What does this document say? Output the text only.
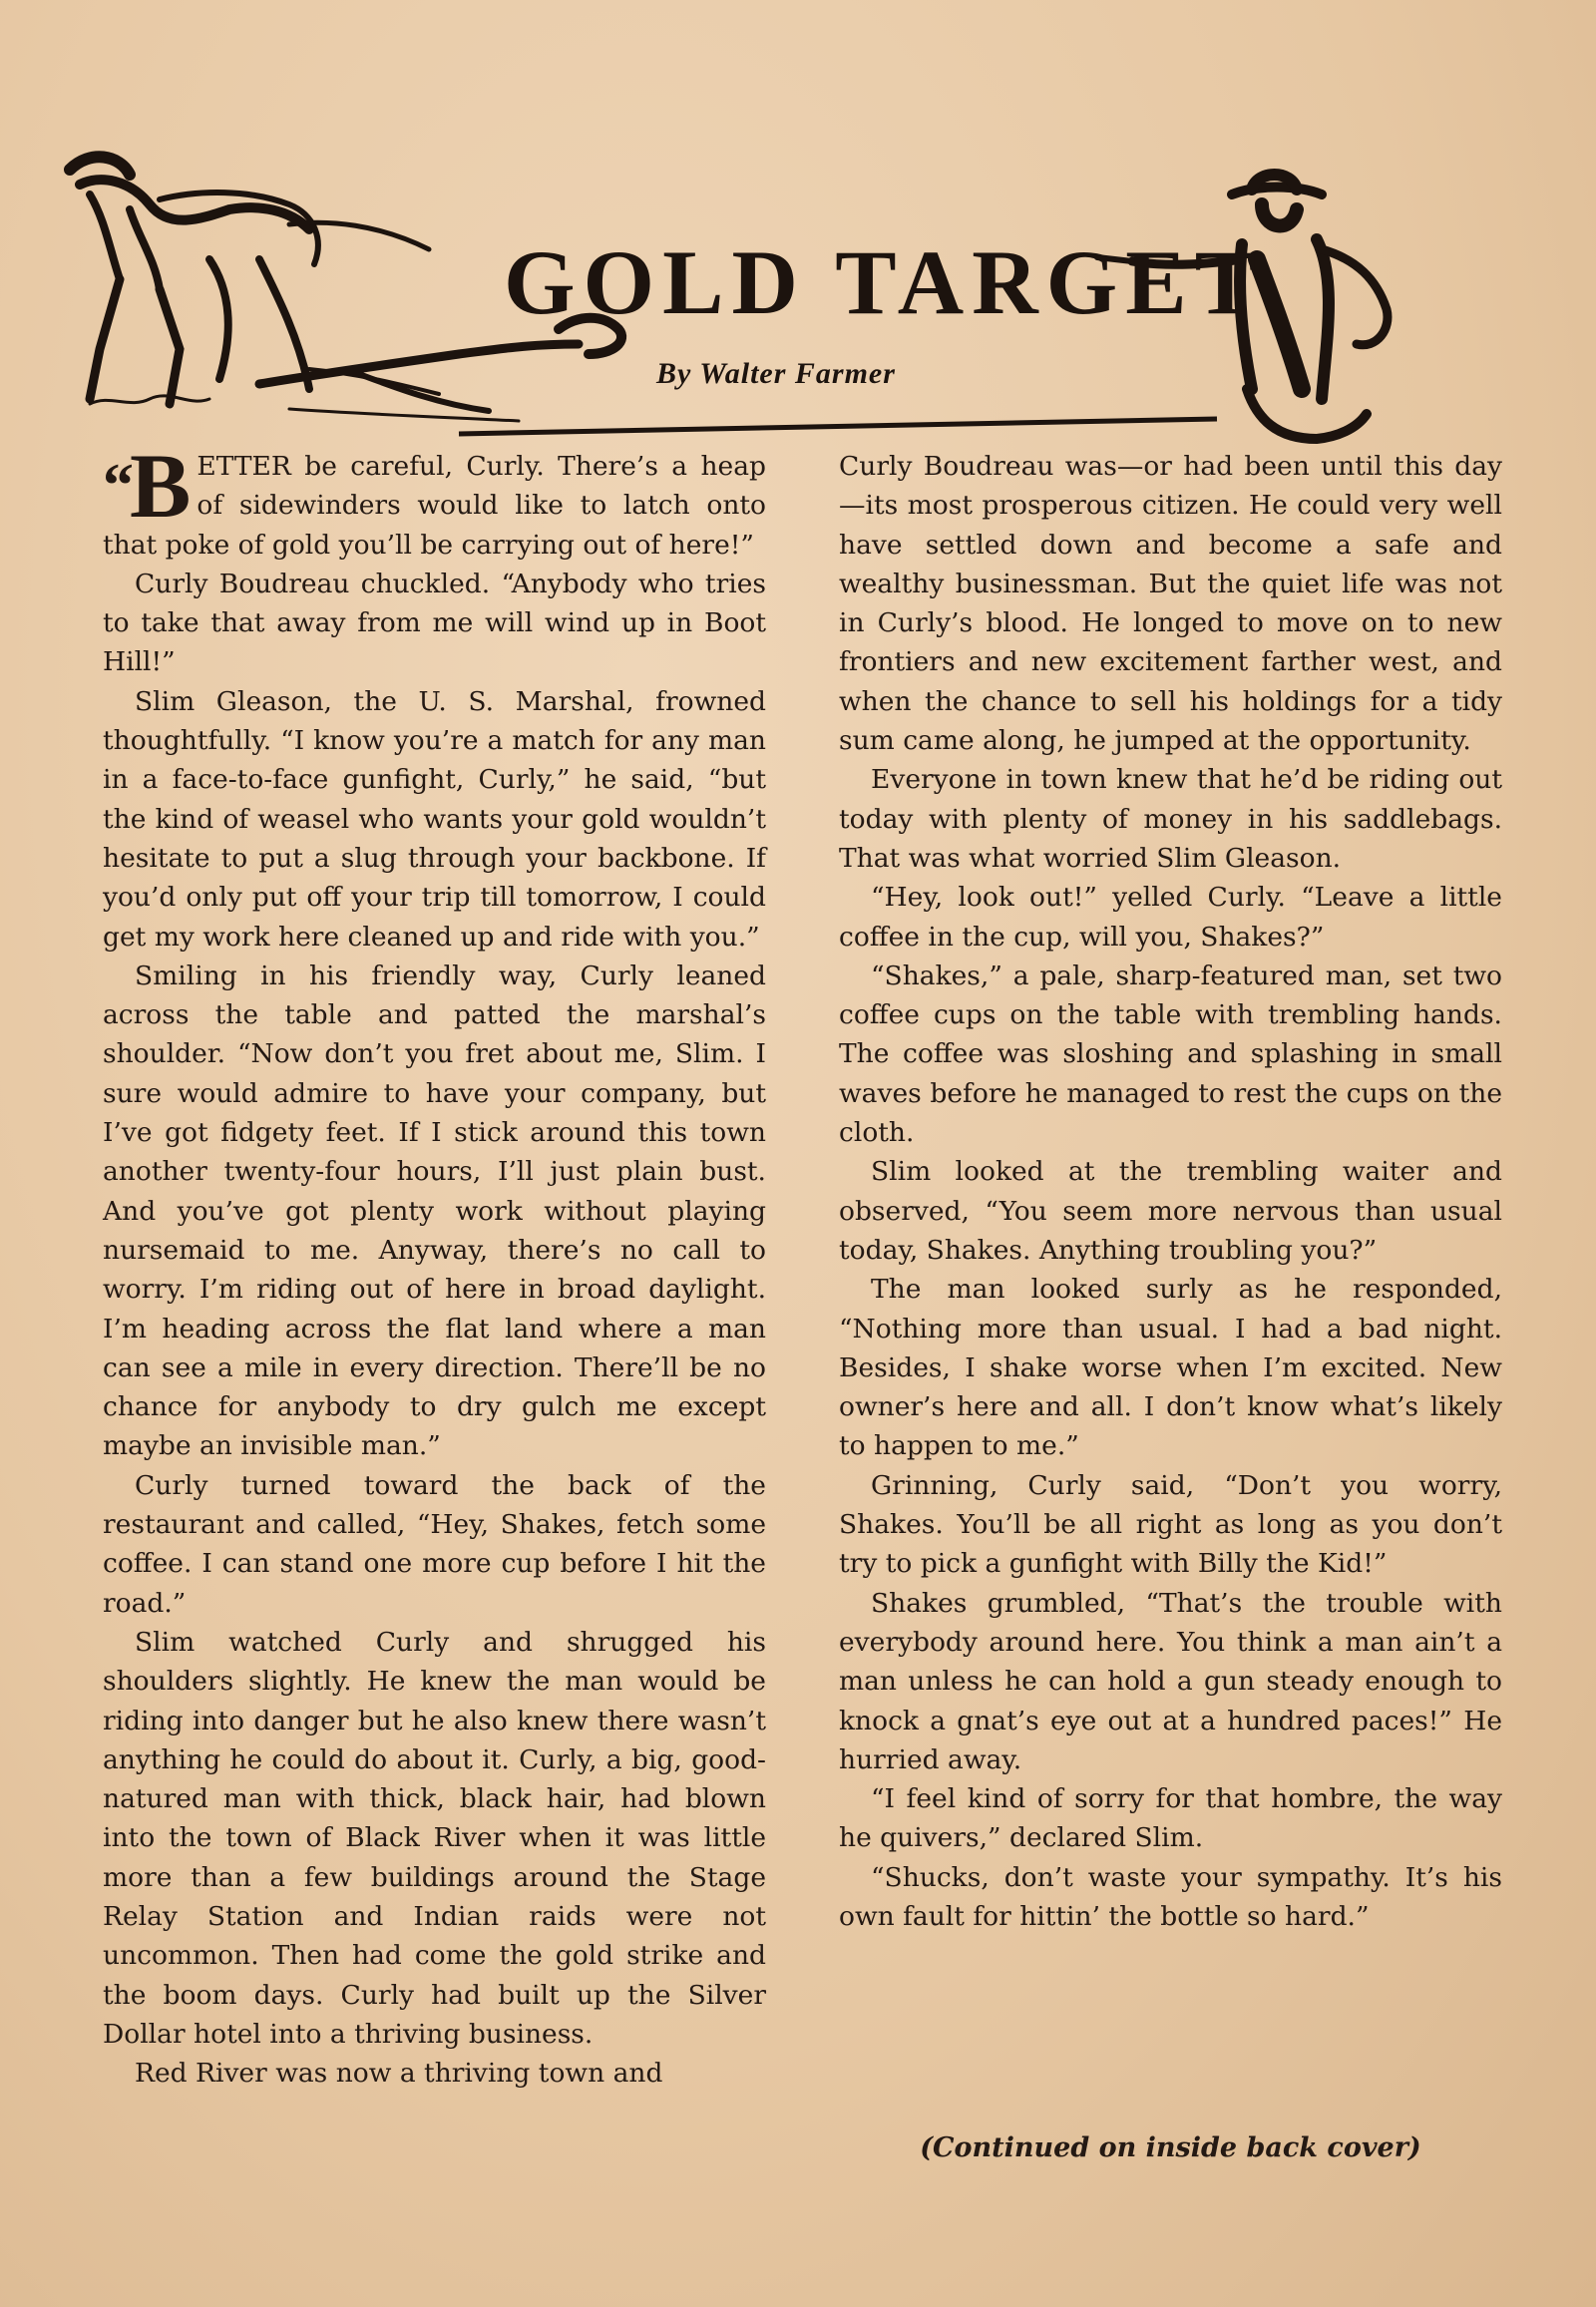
GOLD TARGET
By Walter Farmer

“B ETTER be careful, Curly. There’s a heap of sidewinders would like to latch onto that poke of gold you’ll be carrying out of here!”

Curly Boudreau chuckled. “Anybody who tries to take that away from me will wind up in Boot Hill!”

Slim Gleason, the U. S. Marshal, frowned thoughtfully. “I know you’re a match for any man in a face-to-face gunfight, Curly,” he said, “but the kind of weasel who wants your gold wouldn’t hesitate to put a slug through your backbone. If you’d only put off your trip till tomorrow, I could get my work here cleaned up and ride with you.”

Smiling in his friendly way, Curly leaned across the table and patted the marshal’s shoulder. “Now don’t you fret about me, Slim. I sure would admire to have your company, but I’ve got fidgety feet. If I stick around this town another twenty-four hours, I’ll just plain bust. And you’ve got plenty work without playing nursemaid to me. Anyway, there’s no call to worry. I’m riding out of here in broad daylight. I’m heading across the flat land where a man can see a mile in every direction. There’ll be no chance for anybody to dry gulch me except maybe an invisible man.”

Curly turned toward the back of the restaurant and called, “Hey, Shakes, fetch some coffee. I can stand one more cup before I hit the road.”

Slim watched Curly and shrugged his shoulders slightly. He knew the man would be riding into danger but he also knew there wasn’t anything he could do about it. Curly, a big, good-natured man with thick, black hair, had blown into the town of Black River when it was little more than a few buildings around the Stage Relay Station and Indian raids were not uncommon. Then had come the gold strike and the boom days. Curly had built up the Silver Dollar hotel into a thriving business.

Red River was now a thriving town and

Curly Boudreau was—or had been until this day—its most prosperous citizen. He could very well have settled down and become a safe and wealthy businessman. But the quiet life was not in Curly’s blood. He longed to move on to new frontiers and new excitement farther west, and when the chance to sell his holdings for a tidy sum came along, he jumped at the opportunity.

Everyone in town knew that he’d be riding out today with plenty of money in his saddlebags. That was what worried Slim Gleason.

“Hey, look out!” yelled Curly. “Leave a little coffee in the cup, will you, Shakes?”

“Shakes,” a pale, sharp-featured man, set two coffee cups on the table with trembling hands. The coffee was sloshing and splashing in small waves before he managed to rest the cups on the cloth.

Slim looked at the trembling waiter and observed, “You seem more nervous than usual today, Shakes. Anything troubling you?”

The man looked surly as he responded, “Nothing more than usual. I had a bad night. Besides, I shake worse when I’m excited. New owner’s here and all. I don’t know what’s likely to happen to me.”

Grinning, Curly said, “Don’t you worry, Shakes. You’ll be all right as long as you don’t try to pick a gunfight with Billy the Kid!”

Shakes grumbled, “That’s the trouble with everybody around here. You think a man ain’t a man unless he can hold a gun steady enough to knock a gnat’s eye out at a hundred paces!” He hurried away.

“I feel kind of sorry for that hombre, the way he quivers,” declared Slim.

“Shucks, don’t waste your sympathy. It’s his own fault for hittin’ the bottle so hard.”

(Continued on inside back cover)
